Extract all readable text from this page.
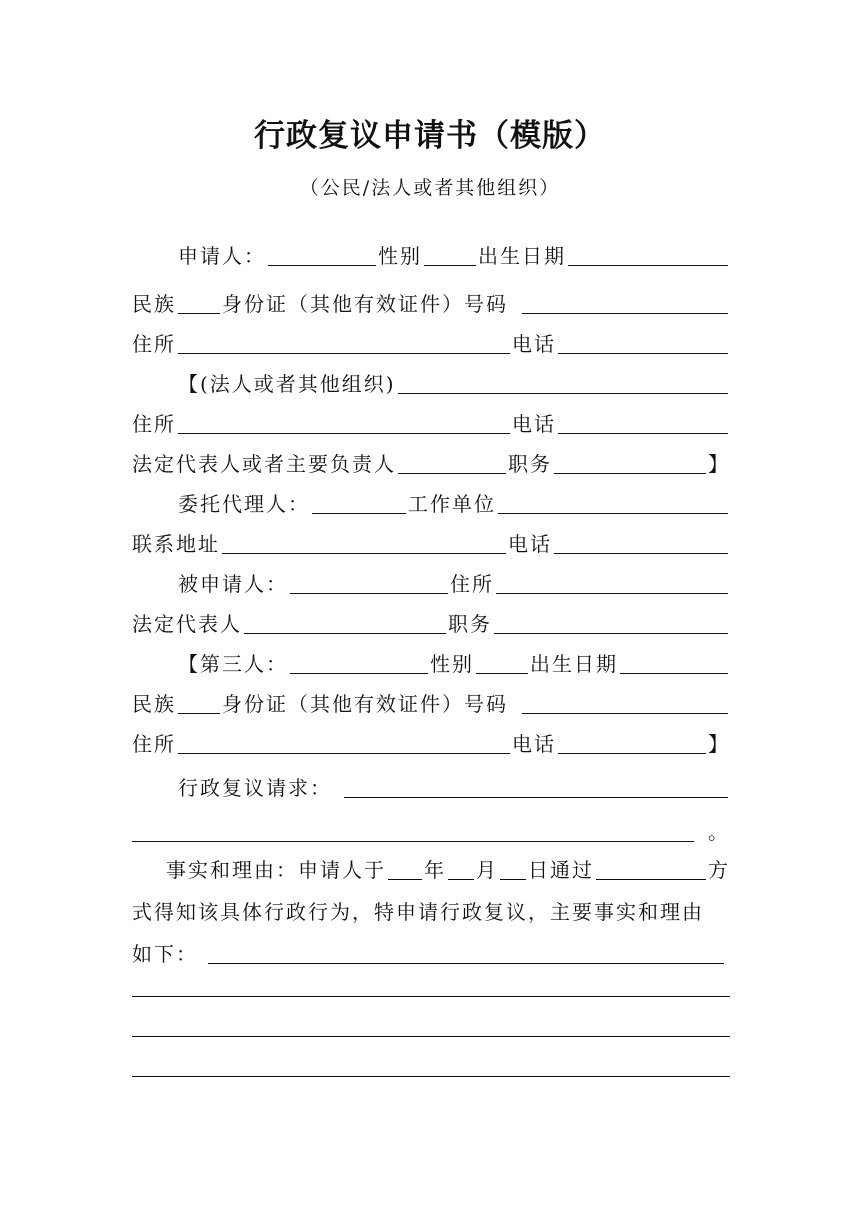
行政复议申请书（模版）
（公民/法人或者其他组织）
申请人：	性别	出生日期
民族 身份证（其他有效证件）号码
住所	电话
【(法人或者其他组织)
住所	电话
法定代表人或者主要负责人	职务	】
委托代理人：	工作单位
联系地址	电话
被申请人：	住所
法定代表人	职务
【第三人：	性别	出生日期
民族 身份证（其他有效证件）号码
住所	电话	】
行政复议请求：
。
事实和理由：申请人于 年 月 日通过	方
式得知该具体行政行为，特申请行政复议，主要事实和理由
如下：
